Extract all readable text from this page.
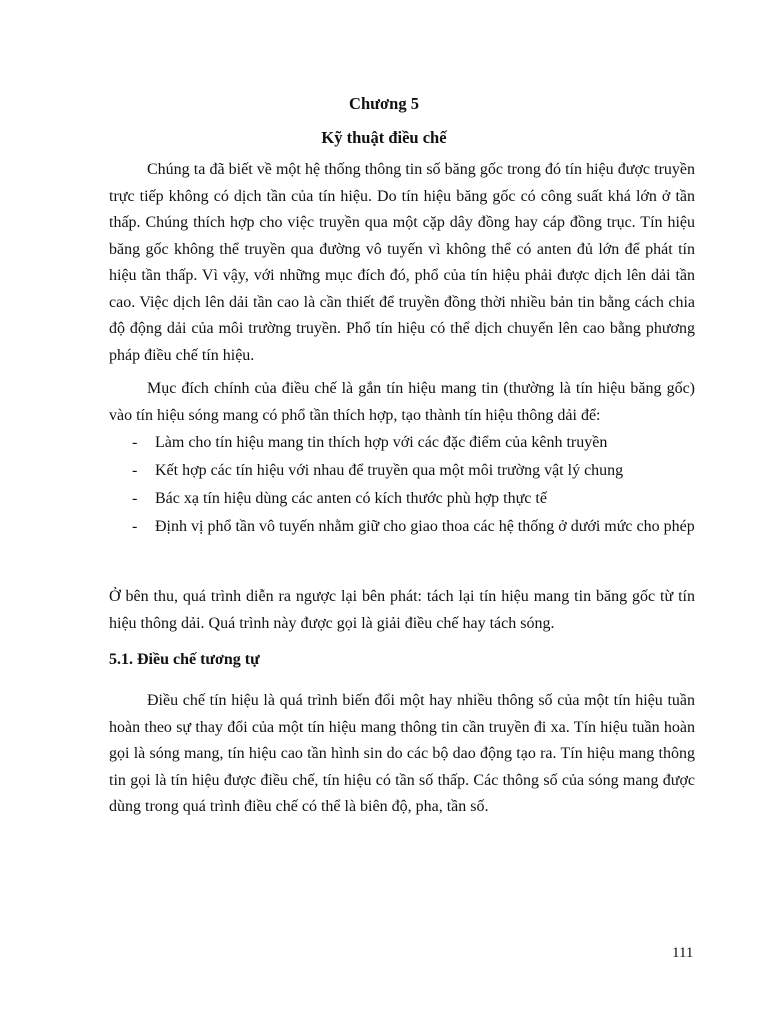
Chương 5
Kỹ thuật điều chế

Chúng ta đã biết về một hệ thống thông tin số băng gốc trong đó tín hiệu được truyền trực tiếp không có dịch tần của tín hiệu. Do tín hiệu băng gốc có công suất khá lớn ở tần thấp. Chúng thích hợp cho việc truyền qua một cặp dây đồng hay cáp đồng trục. Tín hiệu băng gốc không thể truyền qua đường vô tuyến vì không thể có anten đủ lớn để phát tín hiệu tần thấp. Vì vậy, với những mục đích đó, phổ của tín hiệu phải được dịch lên dải tần cao. Việc dịch lên dải tần cao là cần thiết để truyền đồng thời nhiều bản tin bằng cách chia độ động dải của môi trường truyền. Phổ tín hiệu có thể dịch chuyển lên cao bằng phương pháp điều chế tín hiệu.

Mục đích chính của điều chế là gắn tín hiệu mang tin (thường là tín hiệu băng gốc) vào tín hiệu sóng mang có phổ tần thích hợp, tạo thành tín hiệu thông dải để:

- Làm cho tín hiệu mang tin thích hợp với các đặc điểm của kênh truyền
- Kết hợp các tín hiệu với nhau để truyền qua một môi trường vật lý chung
- Bác xạ tín hiệu dùng các anten có kích thước phù hợp thực tế
- Định vị phổ tần vô tuyến nhằm giữ cho giao thoa các hệ thống ở dưới mức cho phép

Ở bên thu, quá trình diễn ra ngược lại bên phát: tách lại tín hiệu mang tin băng gốc từ tín hiệu thông dải. Quá trình này được gọi là giải điều chế hay tách sóng.

5.1. Điều chế tương tự

Điều chế tín hiệu là quá trình biến đổi một hay nhiều thông số của một tín hiệu tuần hoàn theo sự thay đổi của một tín hiệu mang thông tin cần truyền đi xa. Tín hiệu tuần hoàn gọi là sóng mang, tín hiệu cao tần hình sin do các bộ dao động tạo ra. Tín hiệu mang thông tin gọi là tín hiệu được điều chế, tín hiệu có tần số thấp. Các thông số của sóng mang được dùng trong quá trình điều chế có thể là biên độ, pha, tần số.

111
